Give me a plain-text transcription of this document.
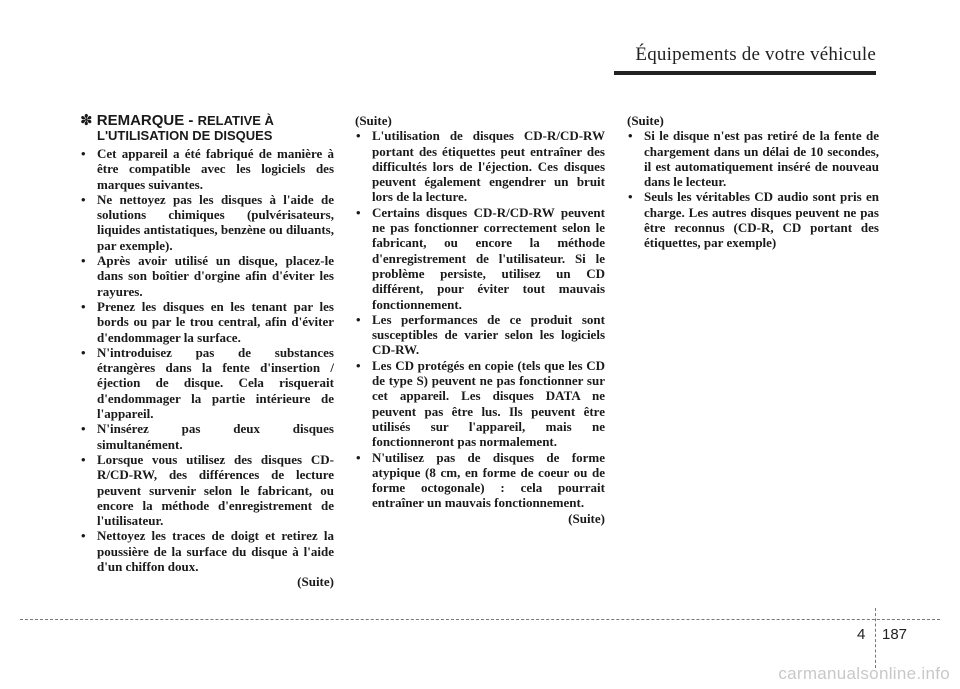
Équipements de votre véhicule
✽ REMARQUE - RELATIVE À
L'UTILISATION DE DISQUES
• Cet appareil a été fabriqué de manière à être compatible avec les logiciels des marques suivantes.
• Ne nettoyez pas les disques à l'aide de solutions chimiques (pulvérisateurs, liquides antistatiques, benzène ou diluants, par exemple).
• Après avoir utilisé un disque, placez-le dans son boîtier d'orgine afin d'éviter les rayures.
• Prenez les disques en les tenant par les bords ou par le trou central, afin d'éviter d'endommager la surface.
• N'introduisez pas de substances étrangères dans la fente d'insertion / éjection de disque. Cela risquerait d'endommager la partie intérieure de l'appareil.
• N'insérez pas deux disques simultanément.
• Lorsque vous utilisez des disques CD-R/CD-RW, des différences de lecture peuvent survenir selon le fabricant, ou encore la méthode d'enregistrement de l'utilisateur.
• Nettoyez les traces de doigt et retirez la poussière de la surface du disque à l'aide d'un chiffon doux.

(Suite)

(Suite)

• L'utilisation de disques CD-R/CD-RW portant des étiquettes peut entraîner des difficultés lors de l'éjection. Ces disques peuvent également engendrer un bruit lors de la lecture.
• Certains disques CD-R/CD-RW peuvent ne pas fonctionner correctement selon le fabricant, ou encore la méthode d'enregistrement de l'utilisateur. Si le problème persiste, utilisez un CD différent, pour éviter tout mauvais fonctionnement.
• Les performances de ce produit sont susceptibles de varier selon les logiciels CD-RW.
• Les CD protégés en copie (tels que les CD de type S) peuvent ne pas fonctionner sur cet appareil. Les disques DATA ne peuvent pas être lus. Ils peuvent être utilisés sur l'appareil, mais ne fonctionneront pas normalement.
• N'utilisez pas de disques de forme atypique (8 cm, en forme de coeur ou de forme octogonale) : cela pourrait entraîner un mauvais fonctionnement.

(Suite)

(Suite)

• Si le disque n'est pas retiré de la fente de chargement dans un délai de 10 secondes, il est automatiquement inséré de nouveau dans le lecteur.
• Seuls les véritables CD audio sont pris en charge. Les autres disques peuvent ne pas être reconnus (CD-R, CD portant des étiquettes, par exemple)
4 187
carmanualsonline.info
